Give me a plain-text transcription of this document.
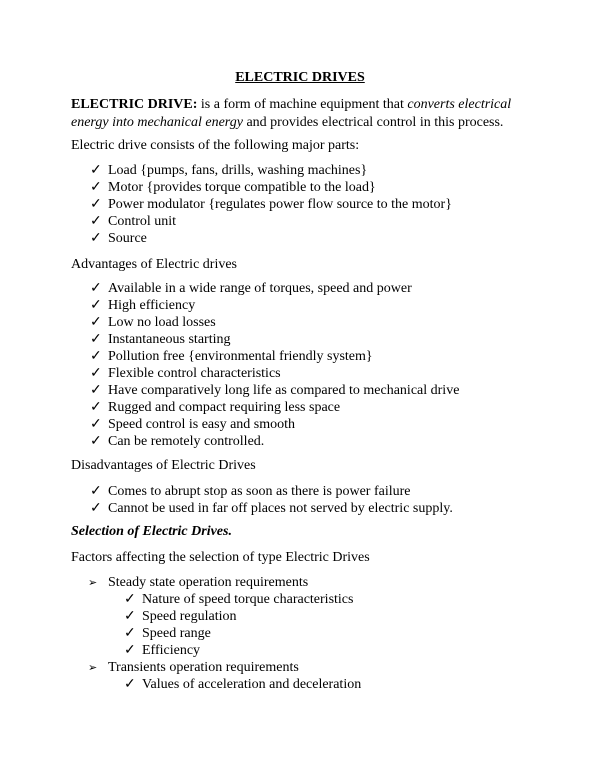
ELECTRIC DRIVES
ELECTRIC DRIVE: is a form of machine equipment that converts electrical energy into mechanical energy and provides electrical control in this process.
Electric drive consists of the following major parts:
✓ Load {pumps, fans, drills, washing machines}
✓ Motor {provides torque compatible to the load}
✓ Power modulator {regulates power flow source to the motor}
✓ Control unit
✓ Source
Advantages of Electric drives
✓ Available in a wide range of torques, speed and power
✓ High efficiency
✓ Low no load losses
✓ Instantaneous starting
✓ Pollution free {environmental friendly system}
✓ Flexible control characteristics
✓ Have comparatively long life as compared to mechanical drive
✓ Rugged and compact requiring less space
✓ Speed control is easy and smooth
✓ Can be remotely controlled.
Disadvantages of Electric Drives
✓ Comes to abrupt stop as soon as there is power failure
✓ Cannot be used in far off places not served by electric supply.
Selection of Electric Drives.
Factors affecting the selection of type Electric Drives
➢ Steady state operation requirements
✓ Nature of speed torque characteristics
✓ Speed regulation
✓ Speed range
✓ Efficiency
➢ Transients operation requirements
✓ Values of acceleration and deceleration
